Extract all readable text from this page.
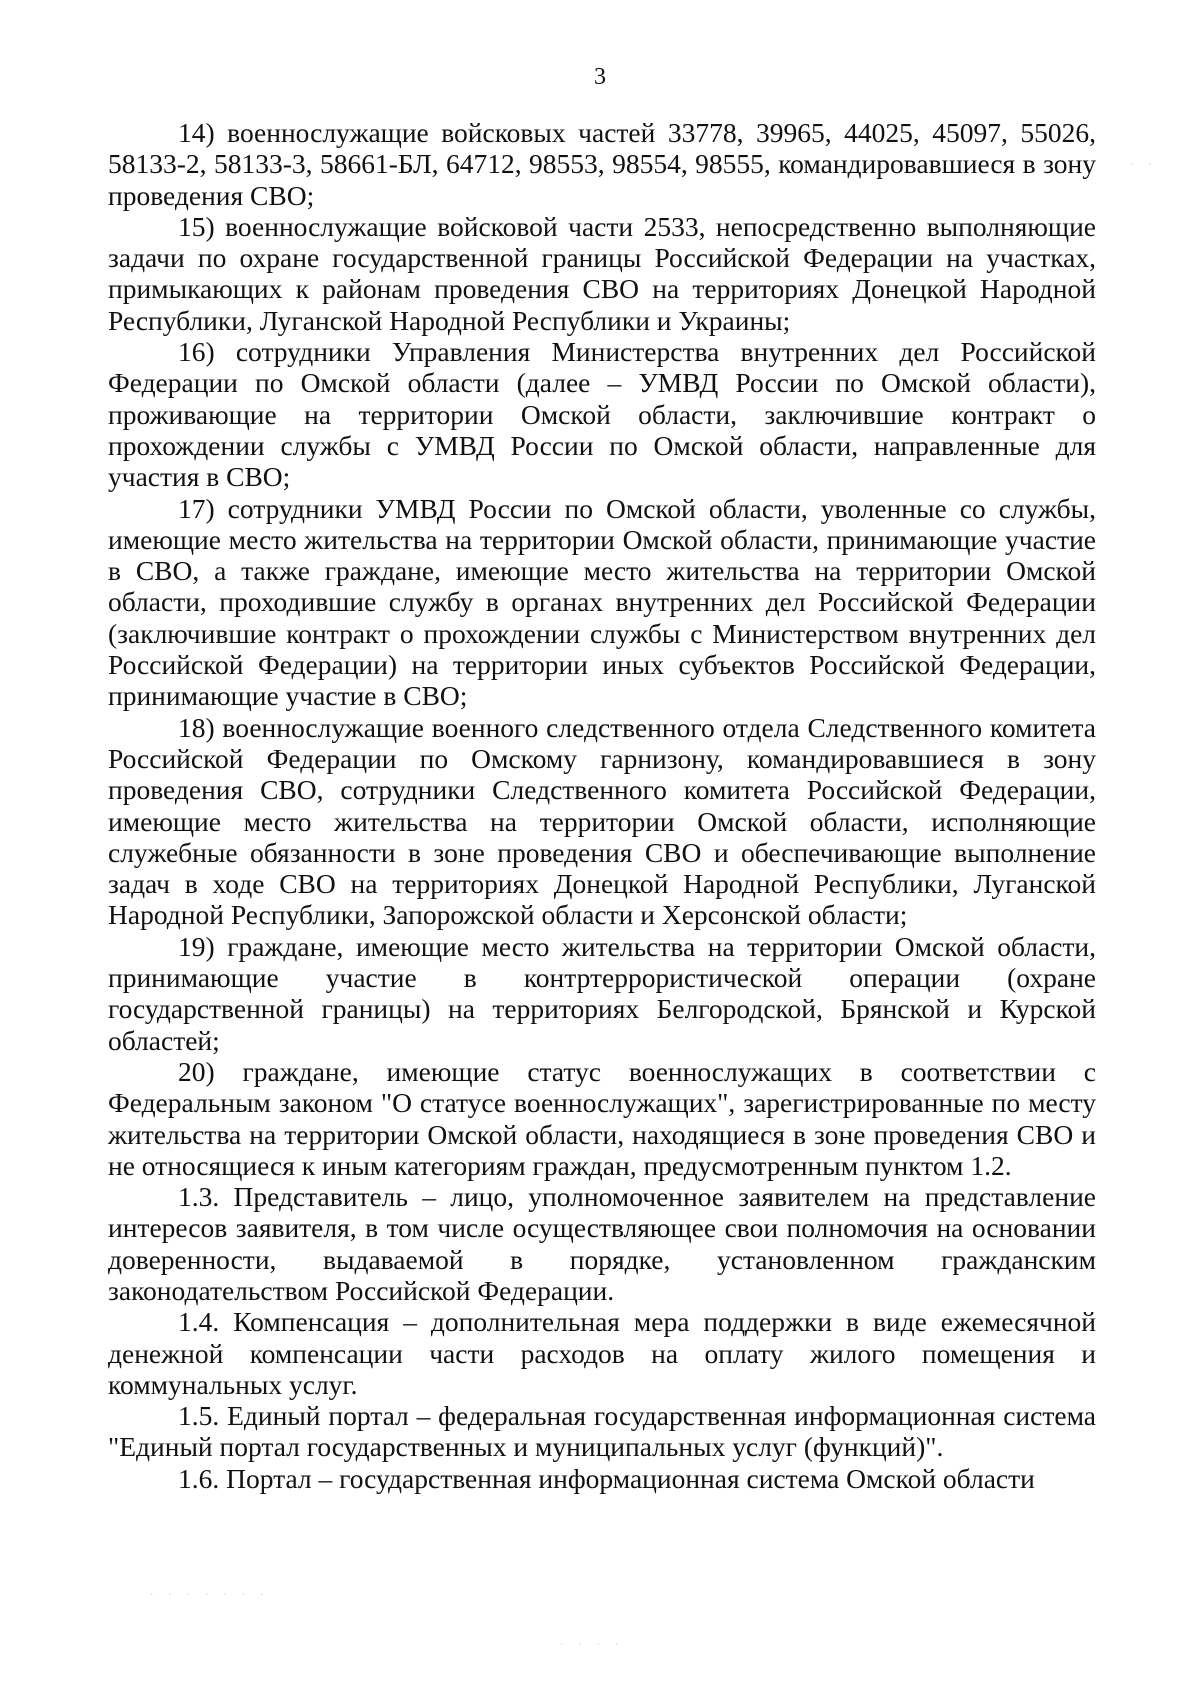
3

14) военнослужащие войсковых частей 33778, 39965, 44025, 45097, 55026, 58133-2, 58133-3, 58661-БЛ, 64712, 98553, 98554, 98555, командировавшиеся в зону проведения СВО;

15) военнослужащие войсковой части 2533, непосредственно выполняющие задачи по охране государственной границы Российской Федерации на участках, примыкающих к районам проведения СВО на территориях Донецкой Народной Республики, Луганской Народной Республики и Украины;

16) сотрудники Управления Министерства внутренних дел Российской Федерации по Омской области (далее – УМВД России по Омской области), проживающие на территории Омской области, заключившие контракт о прохождении службы с УМВД России по Омской области, направленные для участия в СВО;

17) сотрудники УМВД России по Омской области, уволенные со службы, имеющие место жительства на территории Омской области, принимающие участие в СВО, а также граждане, имеющие место жительства на территории Омской области, проходившие службу в органах внутренних дел Российской Федерации (заключившие контракт о прохождении службы с Министерством внутренних дел Российской Федерации) на территории иных субъектов Российской Федерации, принимающие участие в СВО;

18) военнослужащие военного следственного отдела Следственного комитета Российской Федерации по Омскому гарнизону, командировавшиеся в зону проведения СВО, сотрудники Следственного комитета Российской Федерации, имеющие место жительства на территории Омской области, исполняющие служебные обязанности в зоне проведения СВО и обеспечивающие выполнение задач в ходе СВО на территориях Донецкой Народной Республики, Луганской Народной Республики, Запорожской области и Херсонской области;

19) граждане, имеющие место жительства на территории Омской области, принимающие участие в контртеррористической операции (охране государственной границы) на территориях Белгородской, Брянской и Курской областей;

20) граждане, имеющие статус военнослужащих в соответствии с Федеральным законом "О статусе военнослужащих", зарегистрированные по месту жительства на территории Омской области, находящиеся в зоне проведения СВО и не относящиеся к иным категориям граждан, предусмотренным пунктом 1.2.

1.3. Представитель – лицо, уполномоченное заявителем на представление интересов заявителя, в том числе осуществляющее свои полномочия на основании доверенности, выдаваемой в порядке, установленном гражданским законодательством Российской Федерации.

1.4. Компенсация – дополнительная мера поддержки в виде ежемесячной денежной компенсации части расходов на оплату жилого помещения и коммунальных услуг.

1.5. Единый портал – федеральная государственная информационная система "Единый портал государственных и муниципальных услуг (функций)".

1.6. Портал – государственная информационная система Омской области

· · · · · · ·
· · · ·
· ·
